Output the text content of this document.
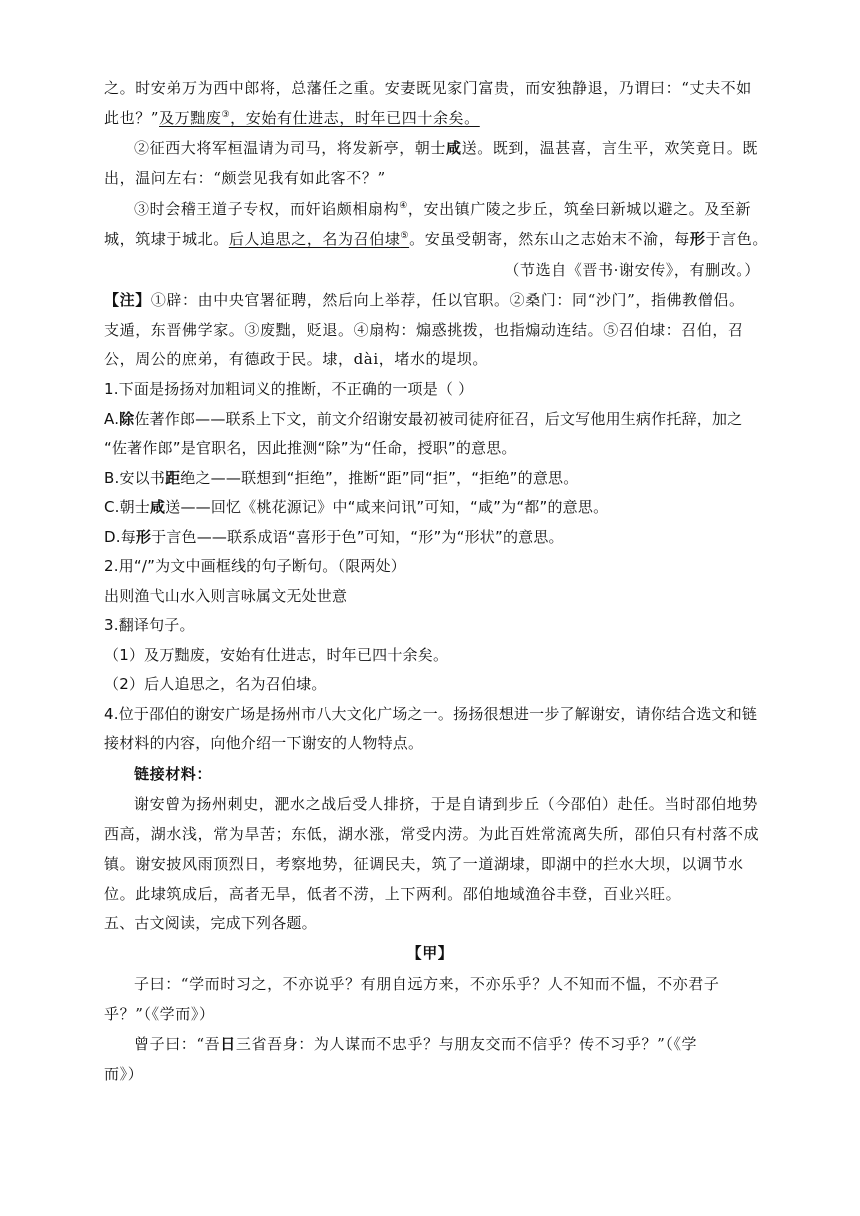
之。时安弟万为西中郎将，总藩任之重。安妻既见家门富贵，而安独静退，乃谓曰：“丈夫不如
此也？”及万黜废③，安始有仕进志，时年已四十余矣。
②征西大将军桓温请为司马，将发新亭，朝士咸送。既到，温甚喜，言生平，欢笑竟日。既
出，温问左右：“颇尝见我有如此客不？”
③时会稽王道子专权，而奸谄颇相扇构④，安出镇广陵之步丘，筑垒曰新城以避之。及至新
城，筑埭于城北。后人追思之，名为召伯埭⑤。安虽受朝寄，然东山之志始末不渝，每形于言色。
（节选自《晋书·谢安传》，有删改。）
【注】①辟：由中央官署征聘，然后向上举荐，任以官职。②桑门：同“沙门”，指佛教僧侣。
支遁，东晋佛学家。③废黜，贬退。④扇构：煽惑挑拨，也指煽动连结。⑤召伯埭：召伯，召
公，周公的庶弟，有德政于民。埭，dài，堵水的堤坝。
1.下面是扬扬对加粗词义的推断，不正确的一项是（ ）
A.除佐著作郎——联系上下文，前文介绍谢安最初被司徒府征召，后文写他用生病作托辞，加之
“佐著作郎”是官职名，因此推测“除”为“任命，授职”的意思。
B.安以书距绝之——联想到“拒绝”，推断“距”同“拒”，“拒绝”的意思。
C.朝士咸送——回忆《桃花源记》中“咸来问讯”可知，“咸”为“都”的意思。
D.每形于言色——联系成语“喜形于色”可知，“形”为“形状”的意思。
2.用“/”为文中画框线的句子断句。（限两处）
出则渔弋山水入则言咏属文无处世意
3.翻译句子。
（1）及万黜废，安始有仕进志，时年已四十余矣。
（2）后人追思之，名为召伯埭。
4.位于邵伯的谢安广场是扬州市八大文化广场之一。扬扬很想进一步了解谢安，请你结合选文和链
接材料的内容，向他介绍一下谢安的人物特点。
链接材料：
谢安曾为扬州刺史，淝水之战后受人排挤，于是自请到步丘（今邵伯）赴任。当时邵伯地势
西高，湖水浅，常为旱苦；东低，湖水涨，常受内涝。为此百姓常流离失所，邵伯只有村落不成
镇。谢安披风雨顶烈日，考察地势，征调民夫，筑了一道湖埭，即湖中的拦水大坝，以调节水
位。此埭筑成后，高者无旱，低者不涝，上下两利。邵伯地域渔谷丰登，百业兴旺。
五、古文阅读，完成下列各题。
【甲】
子曰：“学而时习之，不亦说乎？有朋自远方来，不亦乐乎？人不知而不愠，不亦君子
乎？”（《学而》）
曾子曰：“吾日三省吾身：为人谋而不忠乎？与朋友交而不信乎？传不习乎？”（《学
而》）
